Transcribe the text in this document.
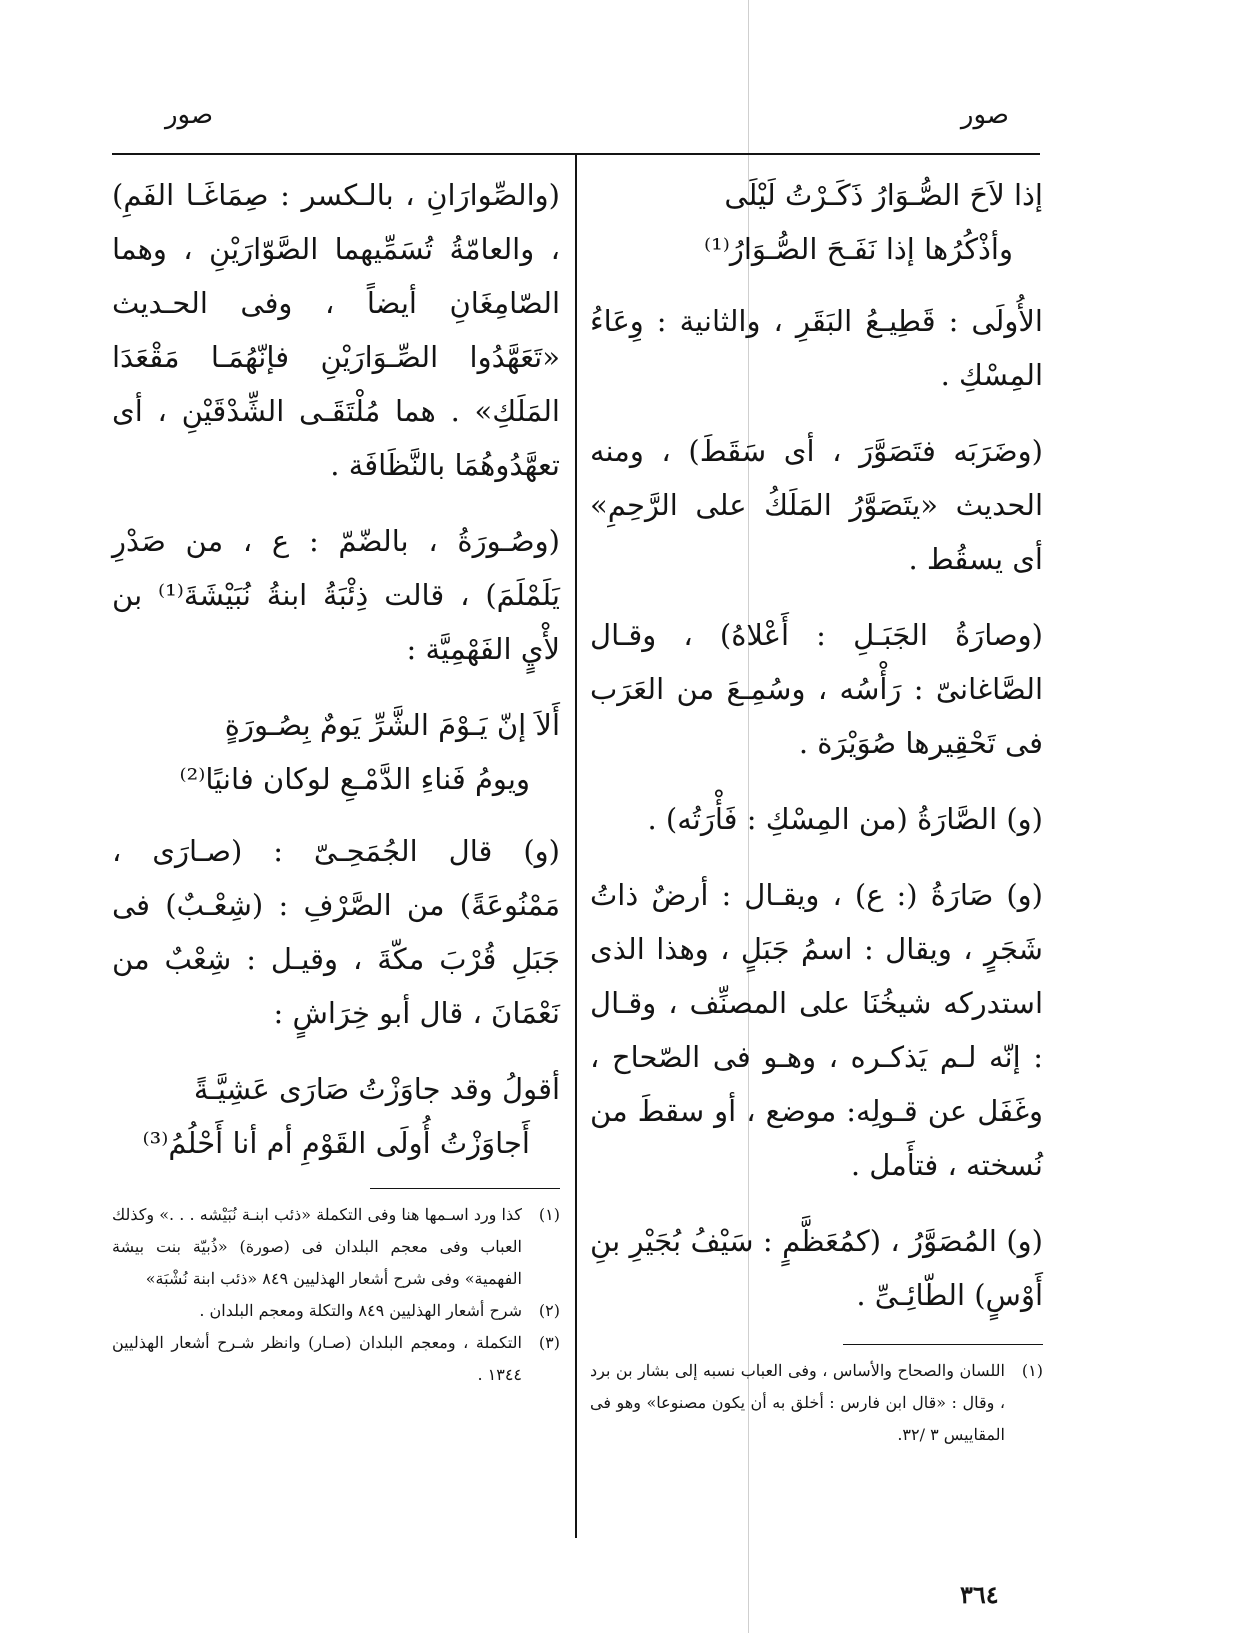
صور
صور
إذا لاَحَ الصُّـوَارُ ذَكَـرْتُ لَيْلَى
وأذْكُرُها إذا نَفَـحَ الصُّـوَارُ⁽¹⁾

الأُولَى : قَطِيـعُ البَقَرِ ، والثانية : وِعَاءُ المِسْكِ .

(وضَرَبَه فتَصَوَّرَ ، أى سَقَطَ) ، ومنه الحديث «يتَصَوَّرُ المَلَكُ على الرَّحِمِ» أى يسقُط .

(وصارَةُ الجَبَـلِ : أَعْلاهُ) ، وقـال الصَّاغانىّ : رَأْسُه ، وسُمِـعَ من العَرَب فى تَحْقِيرها صُوَيْرَة .

(و) الصَّارَةُ (من المِسْكِ : فَأْرَتُه) .

(و) صَارَةُ (: ع) ، ويقـال : أرضٌ ذاتُ شَجَرٍ ، ويقال : اسمُ جَبَلٍ ، وهذا الذى استدركه شيخُنَا على المصنِّف ، وقـال : إنّه لـم يَذكـره ، وهـو فى الصّحاح ، وغَفَل عن قـولِه: موضع ، أو سقطَ من نُسخته ، فتأَمل .

(و) المُصَوَّرُ ، (كمُعَظَّمٍ : سَيْفُ بُجَيْرِ بنِ أَوْسٍ) الطّائِـىِّ .

(١)
اللسان والصحاح والأساس ، وفى العباب نسبه إلى بشار بن برد ، وقال : «قال ابن فارس : أخلق به أن يكون مصنوعا» وهو فى المقاييس ٣ /٣٢.

(والصِّوارَانِ ، بالـكسر : صِمَاغَـا الفَمِ) ، والعامّةُ تُسَمِّيهما الصَّوّارَيْنِ ، وهما الصّامِغَانِ أيضاً ، وفى الحـديث «تَعَهَّدُوا الصِّـوَارَيْنِ فإنّهُمَـا مَقْعَدَا المَلَكِ» . هما مُلْتَقَـى الشِّدْقَيْنِ ، أى تعهَّدُوهُمَا بالنَّظَافَة .

(وصُـورَةُ ، بالضّمّ : ع ، من صَدْرِ يَلَمْلَمَ) ، قالت ذِئْبَةُ ابنةُ نُبَيْشَةَ⁽¹⁾ بن لأْيٍ الفَهْمِيَّة :

أَلاَ إنّ يَـوْمَ الشَّرِّ يَومٌ بِصُـورَةٍ
ويومُ فَناءِ الدَّمْـعِ لوكان فانيًا⁽²⁾

(و) قال الجُمَحِـىّ : (صـارَى ، مَمْنُوعَةً) من الصَّرْفِ : (شِعْـبٌ) فى جَبَلِ قُرْبَ مكّةَ ، وقيـل : شِعْبٌ من نَعْمَانَ ، قال أبو خِرَاشٍ :

أقولُ وقد جاوَزْتُ صَارَى عَشِيَّـةً
أَجاوَزْتُ أُولَى القَوْمِ أم أنا أَحْلُمُ⁽³⁾
(١)
كذا ورد اسـمها هنا وفى التكملة «ذئب ابنـة نُبَيْشه . . .» وكذلك العباب وفى معجم البلدان فى (صورة) «ذُبيّة بنت بيشة الفهمية» وفى شرح أشعار الهذليين ٨٤٩ «ذئب ابنة نُشْبَة»
(٢)
شرح أشعار الهذليين ٨٤٩ والتكلة ومعجم البلدان .
(٣)
التكملة ، ومعجم البلدان (صـار) وانظر شـرح أشعار الهذليين ١٣٤٤ .
٣٦٤
